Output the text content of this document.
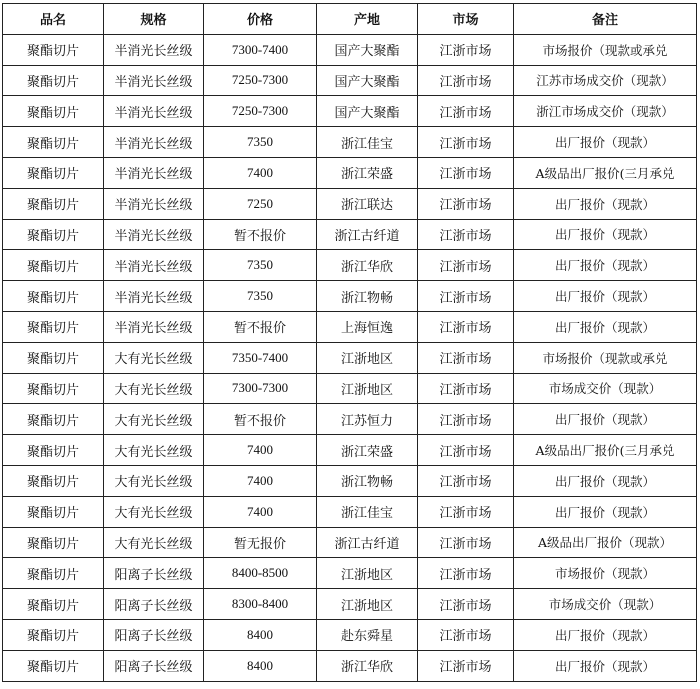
品名	规格	价格	产地	市场	备注
聚酯切片	半消光长丝级	7300-7400	国产大聚酯	江浙市场	市场报价（现款或承兑
聚酯切片	半消光长丝级	7250-7300	国产大聚酯	江浙市场	江苏市场成交价（现款）
聚酯切片	半消光长丝级	7250-7300	国产大聚酯	江浙市场	浙江市场成交价（现款）
聚酯切片	半消光长丝级	7350	浙江佳宝	江浙市场	出厂报价（现款）
聚酯切片	半消光长丝级	7400	浙江荣盛	江浙市场	A级品出厂报价(三月承兑
聚酯切片	半消光长丝级	7250	浙江联达	江浙市场	出厂报价（现款）
聚酯切片	半消光长丝级	暂不报价	浙江古纤道	江浙市场	出厂报价（现款）
聚酯切片	半消光长丝级	7350	浙江华欣	江浙市场	出厂报价（现款）
聚酯切片	半消光长丝级	7350	浙江物畅	江浙市场	出厂报价（现款）
聚酯切片	半消光长丝级	暂不报价	上海恒逸	江浙市场	出厂报价（现款）
聚酯切片	大有光长丝级	7350-7400	江浙地区	江浙市场	市场报价（现款或承兑
聚酯切片	大有光长丝级	7300-7300	江浙地区	江浙市场	市场成交价（现款）
聚酯切片	大有光长丝级	暂不报价	江苏恒力	江浙市场	出厂报价（现款）
聚酯切片	大有光长丝级	7400	浙江荣盛	江浙市场	A级品出厂报价(三月承兑
聚酯切片	大有光长丝级	7400	浙江物畅	江浙市场	出厂报价（现款）
聚酯切片	大有光长丝级	7400	浙江佳宝	江浙市场	出厂报价（现款）
聚酯切片	大有光长丝级	暂无报价	浙江古纤道	江浙市场	A级品出厂报价（现款）
聚酯切片	阳离子长丝级	8400-8500	江浙地区	江浙市场	市场报价（现款）
聚酯切片	阳离子长丝级	8300-8400	江浙地区	江浙市场	市场成交价（现款）
聚酯切片	阳离子长丝级	8400	赴东舜星	江浙市场	出厂报价（现款）
聚酯切片	阳离子长丝级	8400	浙江华欣	江浙市场	出厂报价（现款）
